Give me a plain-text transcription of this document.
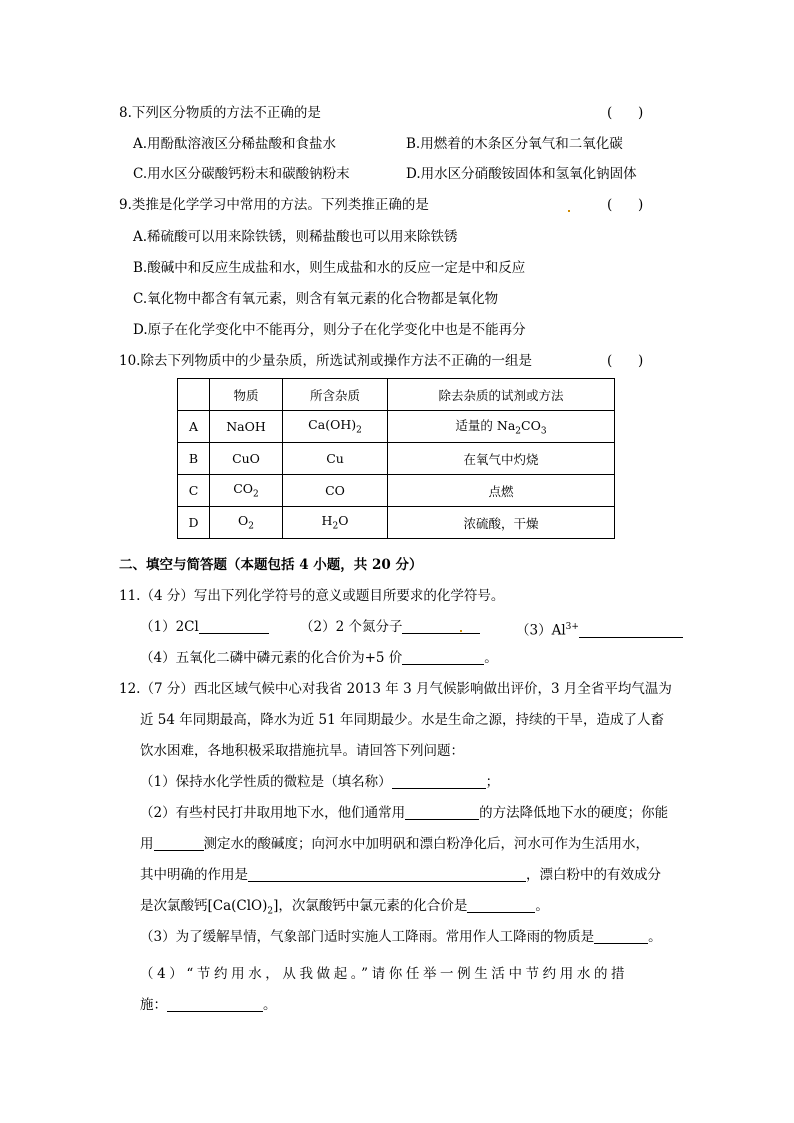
8.下列区分物质的方法不正确的是	(      )
A.用酚酞溶液区分稀盐酸和食盐水	B.用燃着的木条区分氧气和二氧化碳
C.用水区分碳酸钙粉末和碳酸钠粉末	D.用水区分硝酸铵固体和氢氧化钠固体
9.类推是化学学习中常用的方法。下列类推正确的是	(      )
A.稀硫酸可以用来除铁锈，则稀盐酸也可以用来除铁锈
B.酸碱中和反应生成盐和水，则生成盐和水的反应一定是中和反应
C.氧化物中都含有氧元素，则含有氧元素的化合物都是氧化物
D.原子在化学变化中不能再分，则分子在化学变化中也是不能再分
10.除去下列物质中的少量杂质，所选试剂或操作方法不正确的一组是	(      )
	物质	所含杂质	除去杂质的试剂或方法
A	NaOH	$Ca(OH)_2$	适量的 $Na_2CO_3$
B	CuO	Cu	在氧气中灼烧
C	$CO_2$	CO	点燃
D	$O_2$	$H_2O$	浓硫酸，干燥
二、填空与简答题（本题包括 4 小题，共 20 分）
11.（4 分）写出下列化学符号的意义或题目所要求的化学符号。
（1）2Cl	（2）2 个氮分子	$(3)Al^{3+}$
（4）五氧化二磷中磷元素的化合价为+5 价	。
12.（7 分）西北区域气候中心对我省 2013 年 3 月气候影响做出评价，3 月全省平均气温为
近 54 年同期最高，降水为近 51 年同期最少。水是生命之源，持续的干旱，造成了人畜
饮水困难，各地积极采取措施抗旱。请回答下列问题：
（1）保持水化学性质的微粒是（填名称）	；
（2）有些村民打井取用地下水，他们通常用	的方法降低地下水的硬度；你能
用	测定水的酸碱度；向河水中加明矾和漂白粉净化后，河水可作为生活用水，
其中明确的作用是	，漂白粉中的有效成分
是次氯酸钙$[Ca(ClO)_2]$，次氯酸钙中氯元素的化合价是	。
（3）为了缓解旱情，气象部门适时实施人工降雨。常用作人工降雨的物质是	。
（4）“节约用水，从我做起。”请你任举一例生活中节约用水的措
施：	。
